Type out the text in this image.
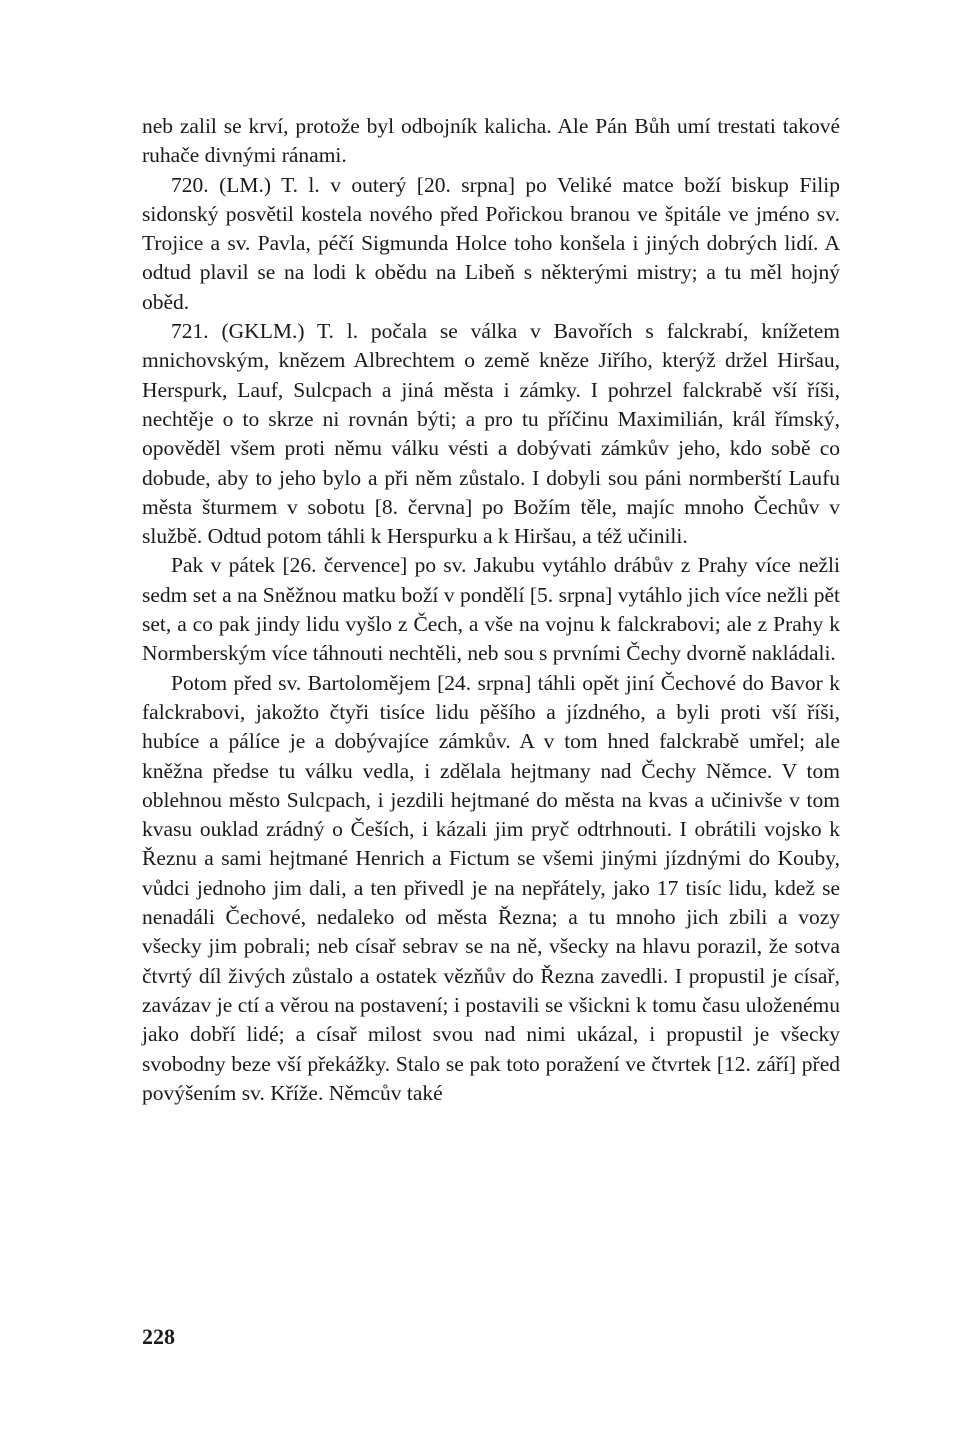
neb zalil se krví, protože byl odbojník kalicha. Ale Pán Bůh umí trestati takové ruhače divnými ránami.

720. (LM.) T. l. v outerý [20. srpna] po Veliké matce boží biskup Filip sidonský posvětil kostela nového před Pořickou branou ve špitále ve jméno sv. Trojice a sv. Pavla, péčí Sigmunda Holce toho konšela i jiných dobrých lidí. A odtud plavil se na lodi k obědu na Libeň s některými mistry; a tu měl hojný oběd.

721. (GKLM.) T. l. počala se válka v Bavořích s falckrabí, knížetem mnichovským, knězem Albrechtem o země kněze Jiřího, kterýž držel Hiršau, Herspurk, Lauf, Sulcpach a jiná města i zámky. I pohrzel falckrabě vší říši, nechtěje o to skrze ni rovnán býti; a pro tu příčinu Maximilián, král římský, opověděl všem proti němu válku vésti a dobývati zámkův jeho, kdo sobě co dobude, aby to jeho bylo a při něm zůstalo. I dobyli sou páni normberští Laufu města šturmem v sobotu [8. června] po Božím těle, majíc mnoho Čechův v službě. Odtud potom táhli k Herspurku a k Hiršau, a též učinili.

Pak v pátek [26. července] po sv. Jakubu vytáhlo drábův z Prahy více nežli sedm set a na Sněžnou matku boží v pondělí [5. srpna] vytáhlo jich více nežli pět set, a co pak jindy lidu vyšlo z Čech, a vše na vojnu k falckrabovi; ale z Prahy k Normberským více táhnouti nechtěli, neb sou s prvními Čechy dvorně nakládali.

Potom před sv. Bartolomějem [24. srpna] táhli opět jiní Čechové do Bavor k falckrabovi, jakožto čtyři tisíce lidu pěšího a jízdného, a byli proti vší říši, hubíce a pálíce je a dobývajíce zámkův. A v tom hned falckrabě umřel; ale kněžna předse tu válku vedla, i zdělala hejtmany nad Čechy Němce. V tom oblehnou město Sulcpach, i jezdili hejtmané do města na kvas a učinivše v tom kvasu ouklad zrádný o Češích, i kázali jim pryč odtrhnouti. I obrátili vojsko k Řeznu a sami hejtmané Henrich a Fictum se všemi jinými jízdnými do Kouby, vůdci jednoho jim dali, a ten přivedl je na nepřátely, jako 17 tisíc lidu, kdež se nenadáli Čechové, nedaleko od města Řezna; a tu mnoho jich zbili a vozy všecky jim pobrali; neb císař sebrav se na ně, všecky na hlavu porazil, že sotva čtvrtý díl živých zůstalo a ostatek vězňův do Řezna zavedli. I propustil je císař, zavázav je ctí a věrou na postavení; i postavili se všickni k tomu času uloženému jako dobří lidé; a císař milost svou nad nimi ukázal, i propustil je všecky svobodny beze vší překážky. Stalo se pak toto poražení ve čtvrtek [12. září] před povýšením sv. Kříže. Němcův také

228
